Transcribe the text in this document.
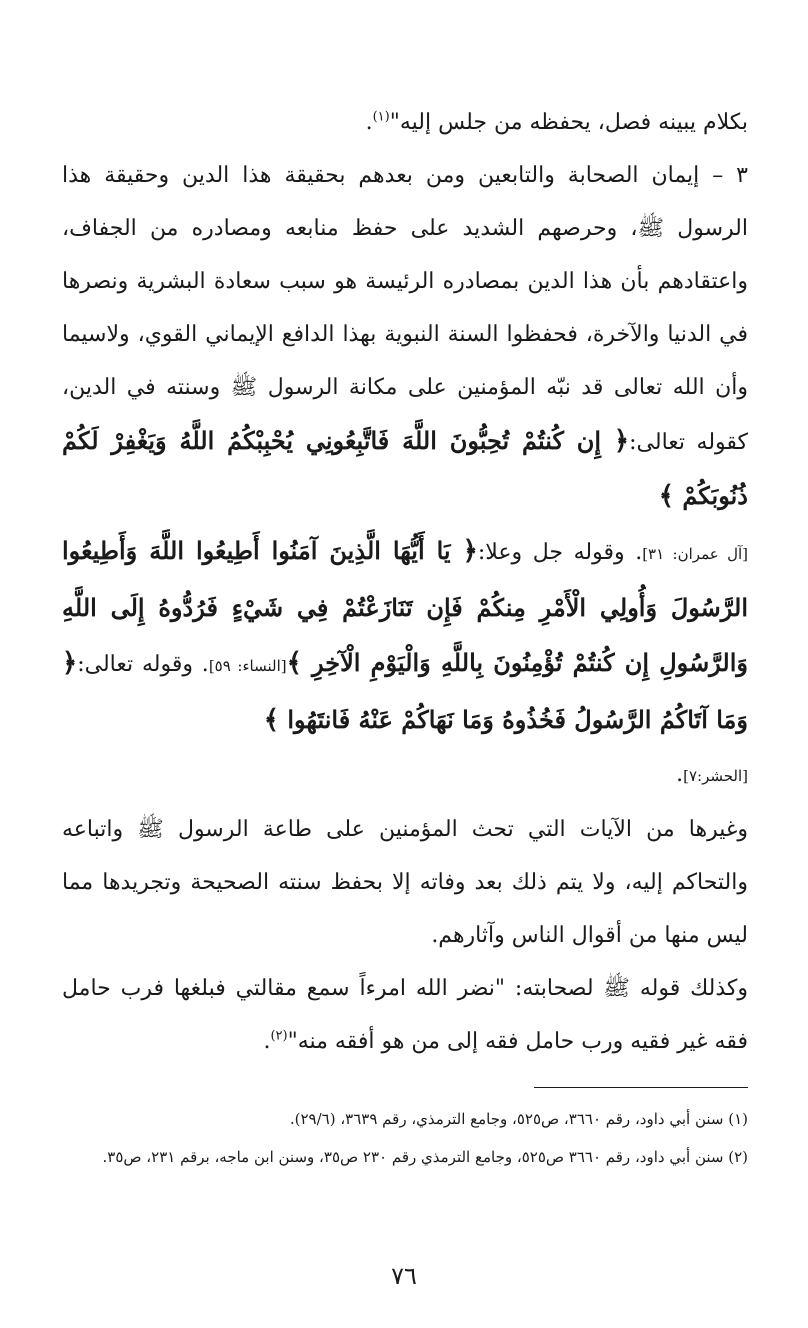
بكلام يبينه فصل، يحفظه من جلس إليه"$^{(١)}$.

٣ – إيمان الصحابة والتابعين ومن بعدهم بحقيقة هذا الدين وحقيقة هذا الرسول ﷺ، وحرصهم الشديد على حفظ منابعه ومصادره من الجفاف، واعتقادهم بأن هذا الدين بمصادره الرئيسة هو سبب سعادة البشرية ونصرها في الدنيا والآخرة، فحفظوا السنة النبوية بهذا الدافع الإيماني القوي، ولاسيما وأن الله تعالى قد نبّه المؤمنين على مكانة الرسول ﷺ وسنته في الدين، كقوله تعالى:﴿ إِن كُنتُمْ تُحِبُّونَ اللَّهَ فَاتَّبِعُونِي يُحْبِبْكُمُ اللَّهُ وَيَغْفِرْ لَكُمْ ذُنُوبَكُمْ ﴾

[آل عمران: ٣١]. وقوله جل وعلا:﴿ يَا أَيُّهَا الَّذِينَ آمَنُوا أَطِيعُوا اللَّهَ وَأَطِيعُوا الرَّسُولَ وَأُولِي الْأَمْرِ مِنكُمْ فَإِن تَنَازَعْتُمْ فِي شَيْءٍ فَرُدُّوهُ إِلَى اللَّهِ وَالرَّسُولِ إِن كُنتُمْ تُؤْمِنُونَ بِاللَّهِ وَالْيَوْمِ الْآخِرِ ﴾[النساء: ٥٩]. وقوله تعالى:﴿ وَمَا آتَاكُمُ الرَّسُولُ فَخُذُوهُ وَمَا نَهَاكُمْ عَنْهُ فَانتَهُوا ﴾

[الحشر:٧].

وغيرها من الآيات التي تحث المؤمنين على طاعة الرسول ﷺ واتباعه والتحاكم إليه، ولا يتم ذلك بعد وفاته إلا بحفظ سنته الصحيحة وتجريدها مما ليس منها من أقوال الناس وآثارهم.

وكذلك قوله ﷺ لصحابته: "نضر الله امرءاً سمع مقالتي فبلغها فرب حامل فقه غير فقيه ورب حامل فقه إلى من هو أفقه منه"$^{(٢)}$.

(١) سنن أبي داود، رقم ٣٦٦٠، ص٥٢٥، وجامع الترمذي، رقم ٣٦٣٩، (٢٩/٦).

(٢) سنن أبي داود، رقم ٣٦٦٠ ص٥٢٥، وجامع الترمذي رقم ٢٣٠ ص٣٥، وسنن ابن ماجه، برقم ٢٣١، ص٣٥.

٧٦
